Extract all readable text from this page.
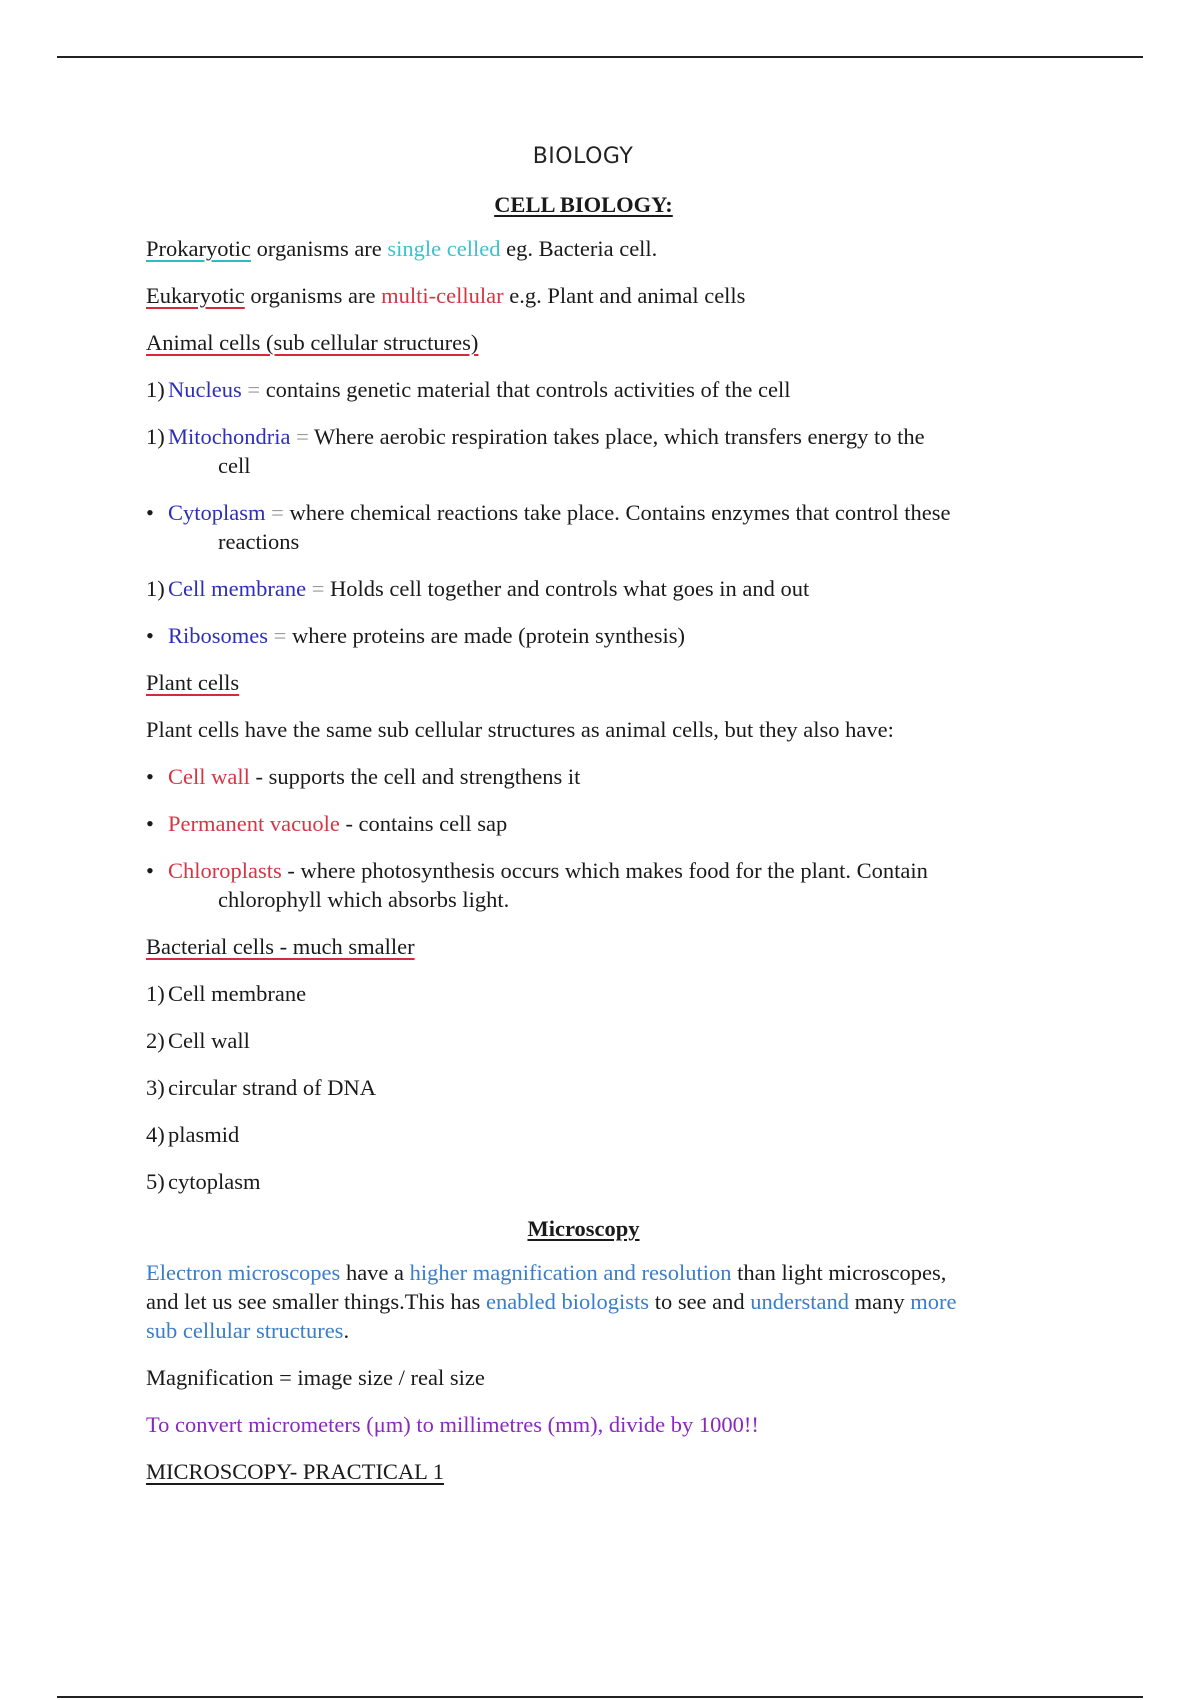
BIOLOGY
CELL BIOLOGY:
Prokaryotic organisms are single celled eg. Bacteria cell.
Eukaryotic organisms are multi-cellular e.g. Plant and animal cells
Animal cells (sub cellular structures)
1) Nucleus = contains genetic material that controls activities of the cell
1) Mitochondria = Where aerobic respiration takes place, which transfers energy to the
cell
• Cytoplasm = where chemical reactions take place. Contains enzymes that control these
reactions
1) Cell membrane = Holds cell together and controls what goes in and out
• Ribosomes = where proteins are made (protein synthesis)
Plant cells
Plant cells have the same sub cellular structures as animal cells, but they also have:
• Cell wall - supports the cell and strengthens it
• Permanent vacuole - contains cell sap
• Chloroplasts - where photosynthesis occurs which makes food for the plant. Contain
chlorophyll which absorbs light.
Bacterial cells - much smaller
1) Cell membrane
2) Cell wall
3) circular strand of DNA
4) plasmid
5) cytoplasm
Microscopy
Electron microscopes have a higher magnification and resolution than light microscopes,
and let us see smaller things.This has enabled biologists to see and understand many more
sub cellular structures.
Magnification = image size / real size
To convert micrometers (μm) to millimetres (mm), divide by 1000!!
MICROSCOPY- PRACTICAL 1
